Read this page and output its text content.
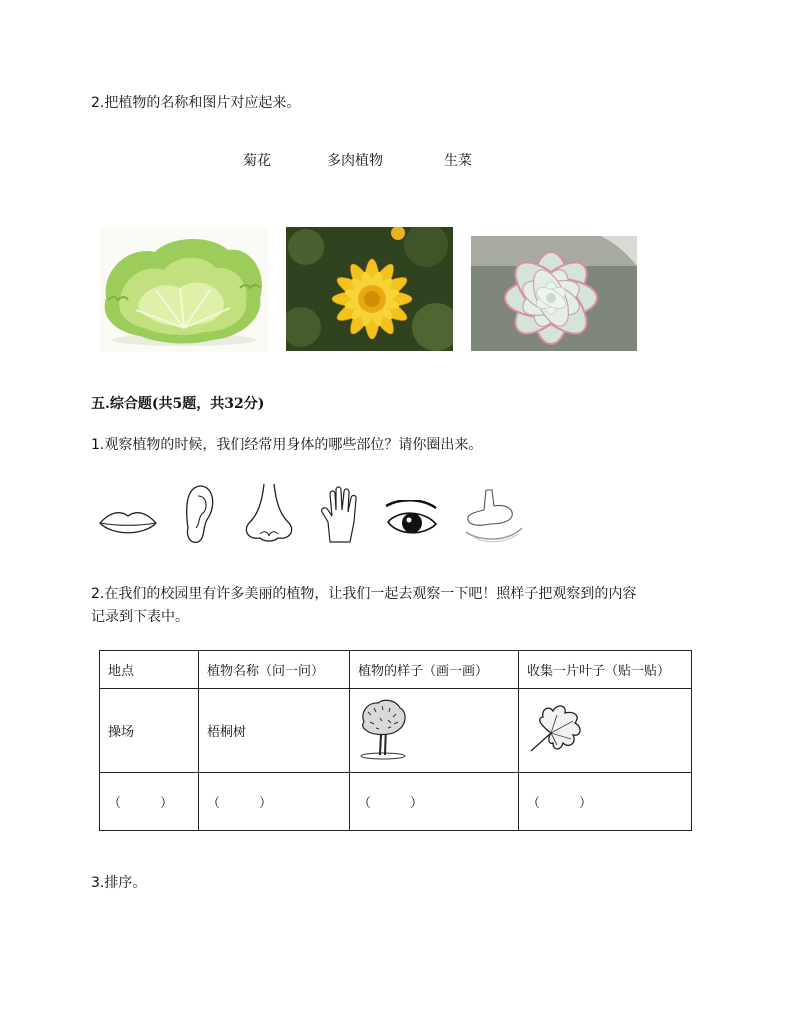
2.把植物的名称和图片对应起来。
菊花	多肉植物	生菜
五.综合题(共5题，共32分)
1.观察植物的时候，我们经常用身体的哪些部位？请你圈出来。
2.在我们的校园里有许多美丽的植物，让我们一起去观察一下吧！照样子把观察到的内容
记录到下表中。
地点	植物名称（问一问）	植物的样子（画一画）	收集一片叶子（贴一贴）
操场	梧桐树		
（　　　）	（　　　）	（　　　）	（　　　）
3.排序。
